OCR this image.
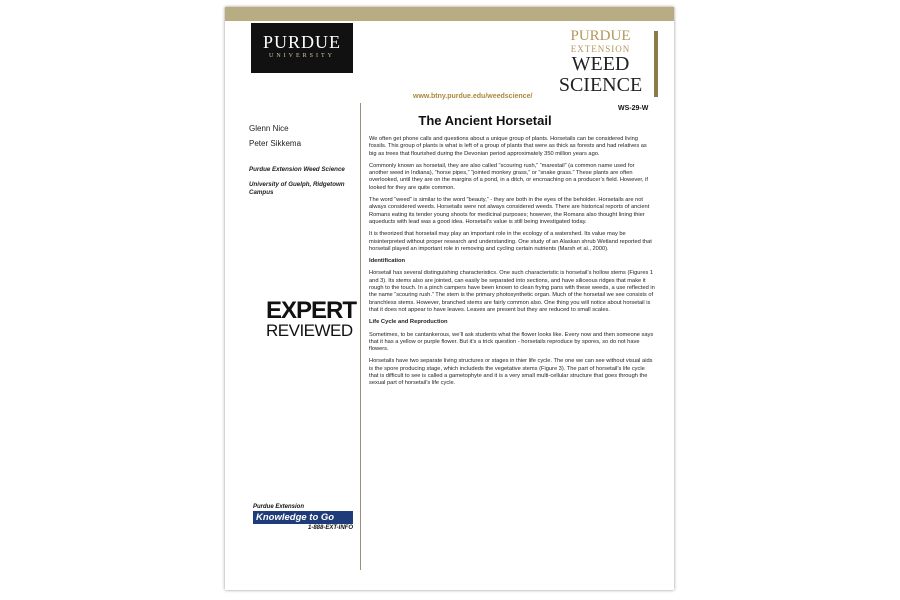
PURDUE
UNIVERSITY
PURDUE
EXTENSION
WEED
SCIENCE
www.btny.purdue.edu/weedscience/
WS-29-W
The Ancient Horsetail
Glenn Nice
Peter Sikkema
Purdue Extension Weed Science
University of Guelph, Ridgetown Campus
EXPERT
REVIEWED
Purdue Extension
Knowledge to Go
1-888-EXT-INFO

We often get phone calls and questions about a unique group of plants. Horsetails can be considered living fossils. This group of plants is what is left of a group of plants that were as thick as forests and had relatives as big as trees that flourished during the Devonian period approximately 350 million years ago.

Commonly known as horsetail, they are also called “scouring rush,” “marestail” (a common name used for another weed in Indiana), “horse pipes,” “jointed monkey grass,” or “snake grass.” These plants are often overlooked, until they are on the margins of a pond, in a ditch, or encroaching on a producer’s field. However, if looked for they are quite common.

The word “weed” is similar to the word “beauty,” - they are both in the eyes of the beholder. Horsetails are not always considered weeds. Horsetails were not always considered weeds. There are historical reports of ancient Romans eating its tender young shoots for medicinal purposes; however, the Romans also thought lining thier aqueducts with lead was a good idea. Horsetail’s value is still being investigated today.

It is theorized that horsetail may play an important role in the ecology of a watershed. Its value may be misinterpreted without proper research and understanding. One study of an Alaskan shrub Wetland reported that horsetail played an important role in removing and cycling certain nutrients (Marsh et al., 2000).

Identification

Horsetail has several distinguishing characteristics. One such characteristic is horsetail’s hollow stems (Figures 1 and 3). Its stems also are jointed, can easily be separated into sections, and have siliceous ridges that make it rough to the touch. In a pinch campers have been known to clean frying pans with these weeds, a use reflected in the name “scouring rush.” The stem is the primary photosynthetic organ. Much of the horsetail we see consists of branchless stems. However, branched stems are fairly common also. One thing you will notice about horsetail is that it does not appear to have leaves. Leaves are present but they are reduced to small scales.

Life Cycle and Reproduction

Sometimes, to be cantankerous, we’ll ask students what the flower looks like. Every now and then someone says that it has a yellow or purple flower. But it’s a trick question - horsetails reproduce by spores, so do not have flowers.

Horsetails have two separate living structures or stages in thier life cycle. The one we can see without visual aids is the spore producing stage, which includeds the vegetative stems (Figure 3). The part of horsetail’s life cycle that is difficult to see is called a gametophyte and it is a very small multi-cellular structure that goes through the sexual part of horsetail’s life cycle.
